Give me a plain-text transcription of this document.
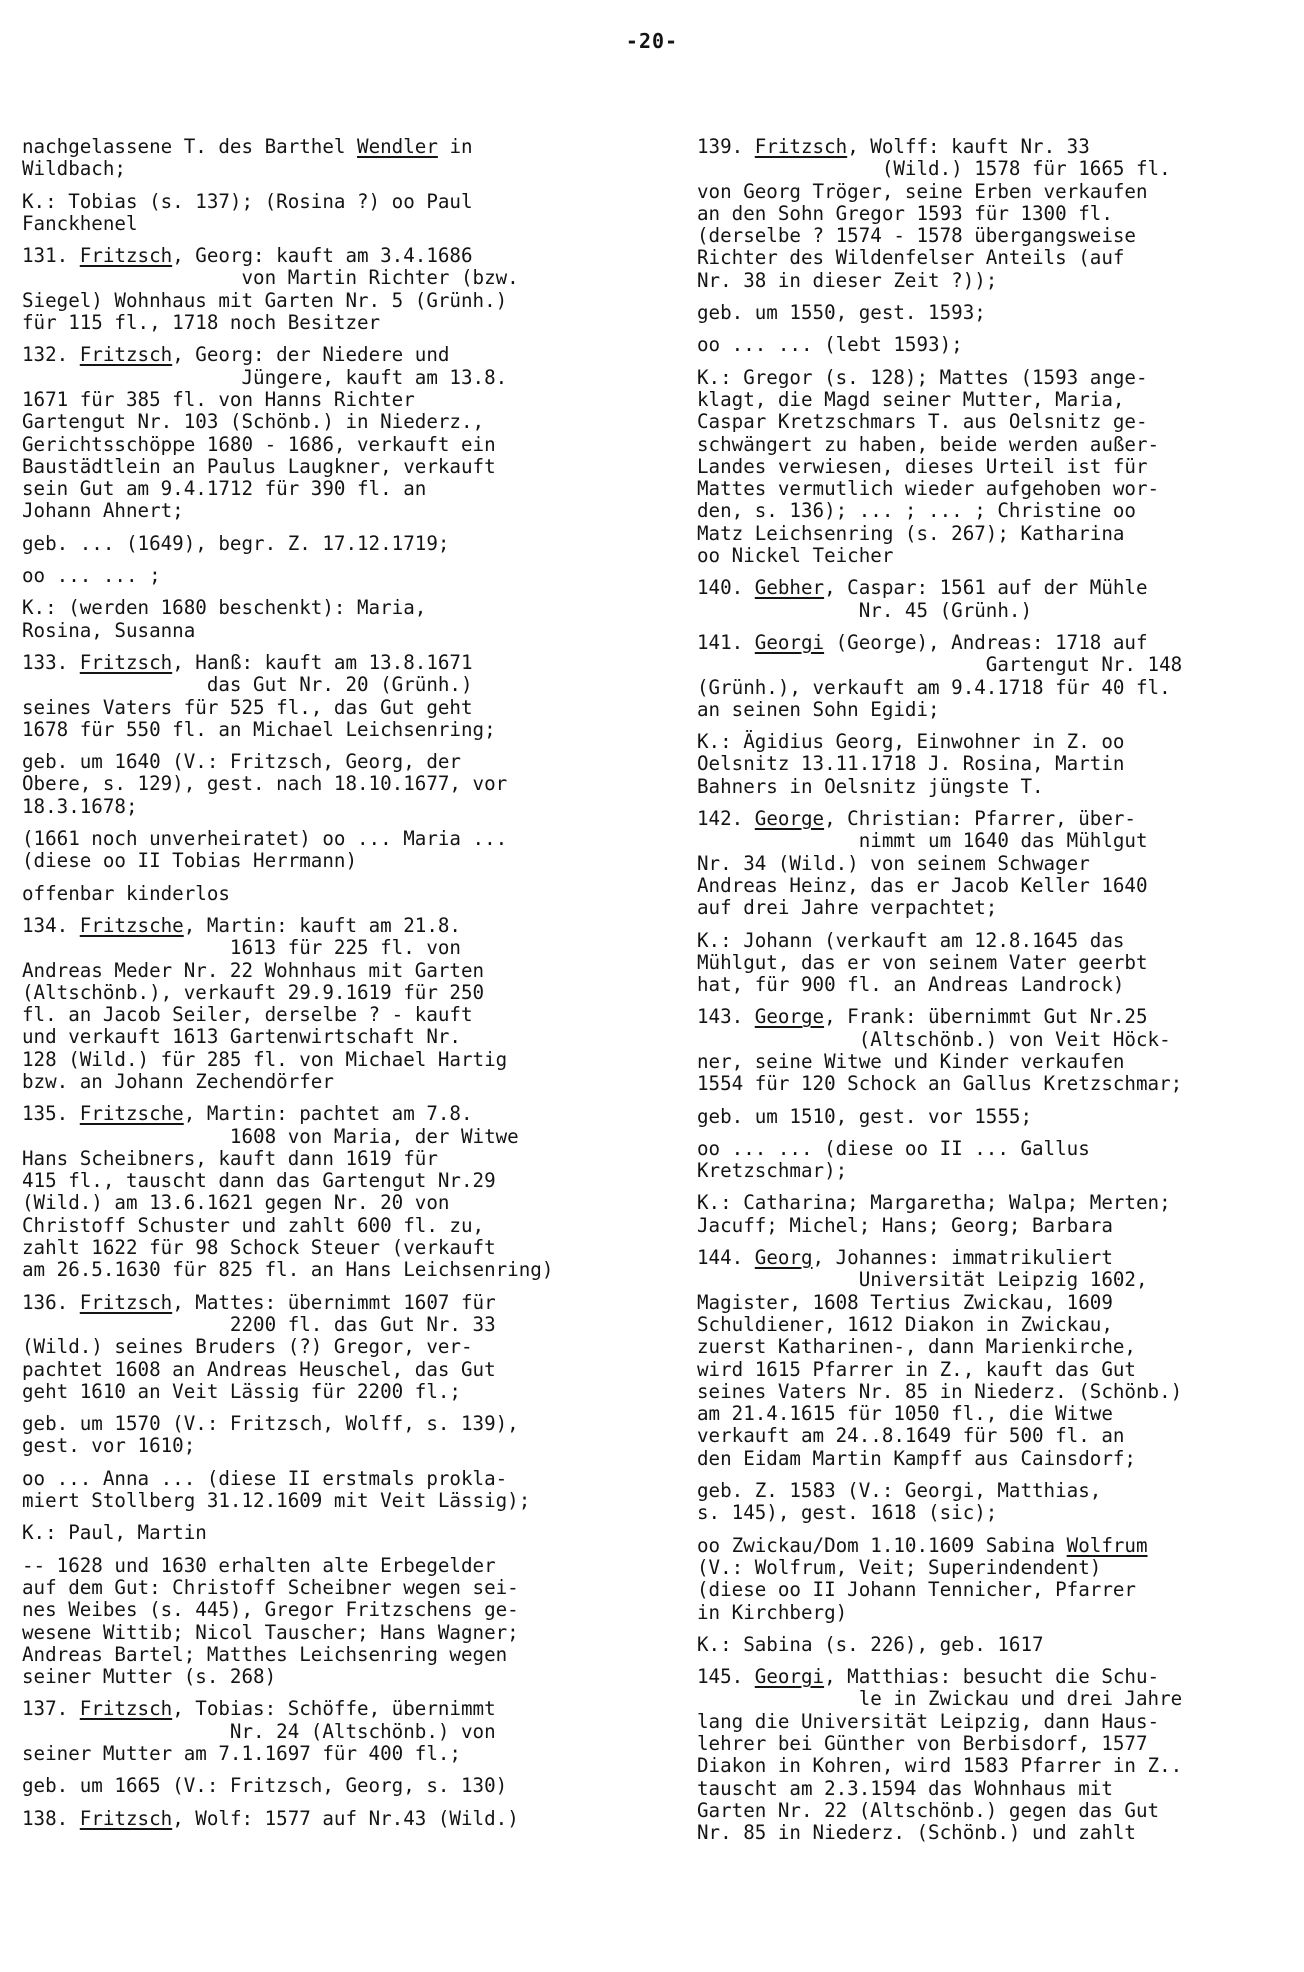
-20-
nachgelassene T. des Barthel Wendler in
Wildbach;
K.: Tobias (s. 137); (Rosina ?) oo Paul
Fanckhenel
131. Fritzsch, Georg: kauft am 3.4.1686
von Martin Richter (bzw.
Siegel) Wohnhaus mit Garten Nr. 5 (Grünh.)
für 115 fl., 1718 noch Besitzer
132. Fritzsch, Georg: der Niedere und
Jüngere, kauft am 13.8.
1671 für 385 fl. von Hanns Richter
Gartengut Nr. 103 (Schönb.) in Niederz.,
Gerichtsschöppe 1680 - 1686, verkauft ein
Baustädtlein an Paulus Laugkner, verkauft
sein Gut am 9.4.1712 für 390 fl. an
Johann Ahnert;
geb. ... (1649), begr. Z. 17.12.1719;
oo ... ... ;
K.: (werden 1680 beschenkt): Maria,
Rosina, Susanna
133. Fritzsch, Hanß: kauft am 13.8.1671
das Gut Nr. 20 (Grünh.)
seines Vaters für 525 fl., das Gut geht
1678 für 550 fl. an Michael Leichsenring;
geb. um 1640 (V.: Fritzsch, Georg, der
Obere, s. 129), gest. nach 18.10.1677, vor
18.3.1678;
(1661 noch unverheiratet) oo ... Maria ...
(diese oo II Tobias Herrmann)
offenbar kinderlos
134. Fritzsche, Martin: kauft am 21.8.
1613 für 225 fl. von
Andreas Meder Nr. 22 Wohnhaus mit Garten
(Altschönb.), verkauft 29.9.1619 für 250
fl. an Jacob Seiler, derselbe ? - kauft
und verkauft 1613 Gartenwirtschaft Nr.
128 (Wild.) für 285 fl. von Michael Hartig
bzw. an Johann Zechendörfer
135. Fritzsche, Martin: pachtet am 7.8.
1608 von Maria, der Witwe
Hans Scheibners, kauft dann 1619 für
415 fl., tauscht dann das Gartengut Nr.29
(Wild.) am 13.6.1621 gegen Nr. 20 von
Christoff Schuster und zahlt 600 fl. zu,
zahlt 1622 für 98 Schock Steuer (verkauft
am 26.5.1630 für 825 fl. an Hans Leichsenring)
136. Fritzsch, Mattes: übernimmt 1607 für
2200 fl. das Gut Nr. 33
(Wild.) seines Bruders (?) Gregor, ver-
pachtet 1608 an Andreas Heuschel, das Gut
geht 1610 an Veit Lässig für 2200 fl.;
geb. um 1570 (V.: Fritzsch, Wolff, s. 139),
gest. vor 1610;
oo ... Anna ... (diese II erstmals prokla-
miert Stollberg 31.12.1609 mit Veit Lässig);
K.: Paul, Martin
-- 1628 und 1630 erhalten alte Erbegelder
auf dem Gut: Christoff Scheibner wegen sei-
nes Weibes (s. 445), Gregor Fritzschens ge-
wesene Wittib; Nicol Tauscher; Hans Wagner;
Andreas Bartel; Matthes Leichsenring wegen
seiner Mutter (s. 268)
137. Fritzsch, Tobias: Schöffe, übernimmt
Nr. 24 (Altschönb.) von
seiner Mutter am 7.1.1697 für 400 fl.;
geb. um 1665 (V.: Fritzsch, Georg, s. 130)
138. Fritzsch, Wolf: 1577 auf Nr.43 (Wild.)
139. Fritzsch, Wolff: kauft Nr. 33
(Wild.) 1578 für 1665 fl.
von Georg Tröger, seine Erben verkaufen
an den Sohn Gregor 1593 für 1300 fl.
(derselbe ? 1574 - 1578 übergangsweise
Richter des Wildenfelser Anteils (auf
Nr. 38 in dieser Zeit ?));
geb. um 1550, gest. 1593;
oo ... ... (lebt 1593);
K.: Gregor (s. 128); Mattes (1593 ange-
klagt, die Magd seiner Mutter, Maria,
Caspar Kretzschmars T. aus Oelsnitz ge-
schwängert zu haben, beide werden außer-
Landes verwiesen, dieses Urteil ist für
Mattes vermutlich wieder aufgehoben wor-
den, s. 136); ... ; ... ; Christine oo
Matz Leichsenring (s. 267); Katharina
oo Nickel Teicher
140. Gebher, Caspar: 1561 auf der Mühle
Nr. 45 (Grünh.)
141. Georgi (George), Andreas: 1718 auf
Gartengut Nr. 148
(Grünh.), verkauft am 9.4.1718 für 40 fl.
an seinen Sohn Egidi;
K.: Ägidius Georg, Einwohner in Z. oo
Oelsnitz 13.11.1718 J. Rosina, Martin
Bahners in Oelsnitz jüngste T.
142. George, Christian: Pfarrer, über-
nimmt um 1640 das Mühlgut
Nr. 34 (Wild.) von seinem Schwager
Andreas Heinz, das er Jacob Keller 1640
auf drei Jahre verpachtet;
K.: Johann (verkauft am 12.8.1645 das
Mühlgut, das er von seinem Vater geerbt
hat, für 900 fl. an Andreas Landrock)
143. George, Frank: übernimmt Gut Nr.25
(Altschönb.) von Veit Höck-
ner, seine Witwe und Kinder verkaufen
1554 für 120 Schock an Gallus Kretzschmar;
geb. um 1510, gest. vor 1555;
oo ... ... (diese oo II ... Gallus
Kretzschmar);
K.: Catharina; Margaretha; Walpa; Merten;
Jacuff; Michel; Hans; Georg; Barbara
144. Georg, Johannes: immatrikuliert
Universität Leipzig 1602,
Magister, 1608 Tertius Zwickau, 1609
Schuldiener, 1612 Diakon in Zwickau,
zuerst Katharinen-, dann Marienkirche,
wird 1615 Pfarrer in Z., kauft das Gut
seines Vaters Nr. 85 in Niederz. (Schönb.)
am 21.4.1615 für 1050 fl., die Witwe
verkauft am 24..8.1649 für 500 fl. an
den Eidam Martin Kampff aus Cainsdorf;
geb. Z. 1583 (V.: Georgi, Matthias,
s. 145), gest. 1618 (sic);
oo Zwickau/Dom 1.10.1609 Sabina Wolfrum
(V.: Wolfrum, Veit; Superindendent)
(diese oo II Johann Tennicher, Pfarrer
in Kirchberg)
K.: Sabina (s. 226), geb. 1617
145. Georgi, Matthias: besucht die Schu-
le in Zwickau und drei Jahre
lang die Universität Leipzig, dann Haus-
lehrer bei Günther von Berbisdorf, 1577
Diakon in Kohren, wird 1583 Pfarrer in Z..
tauscht am 2.3.1594 das Wohnhaus mit
Garten Nr. 22 (Altschönb.) gegen das Gut
Nr. 85 in Niederz. (Schönb.) und zahlt
